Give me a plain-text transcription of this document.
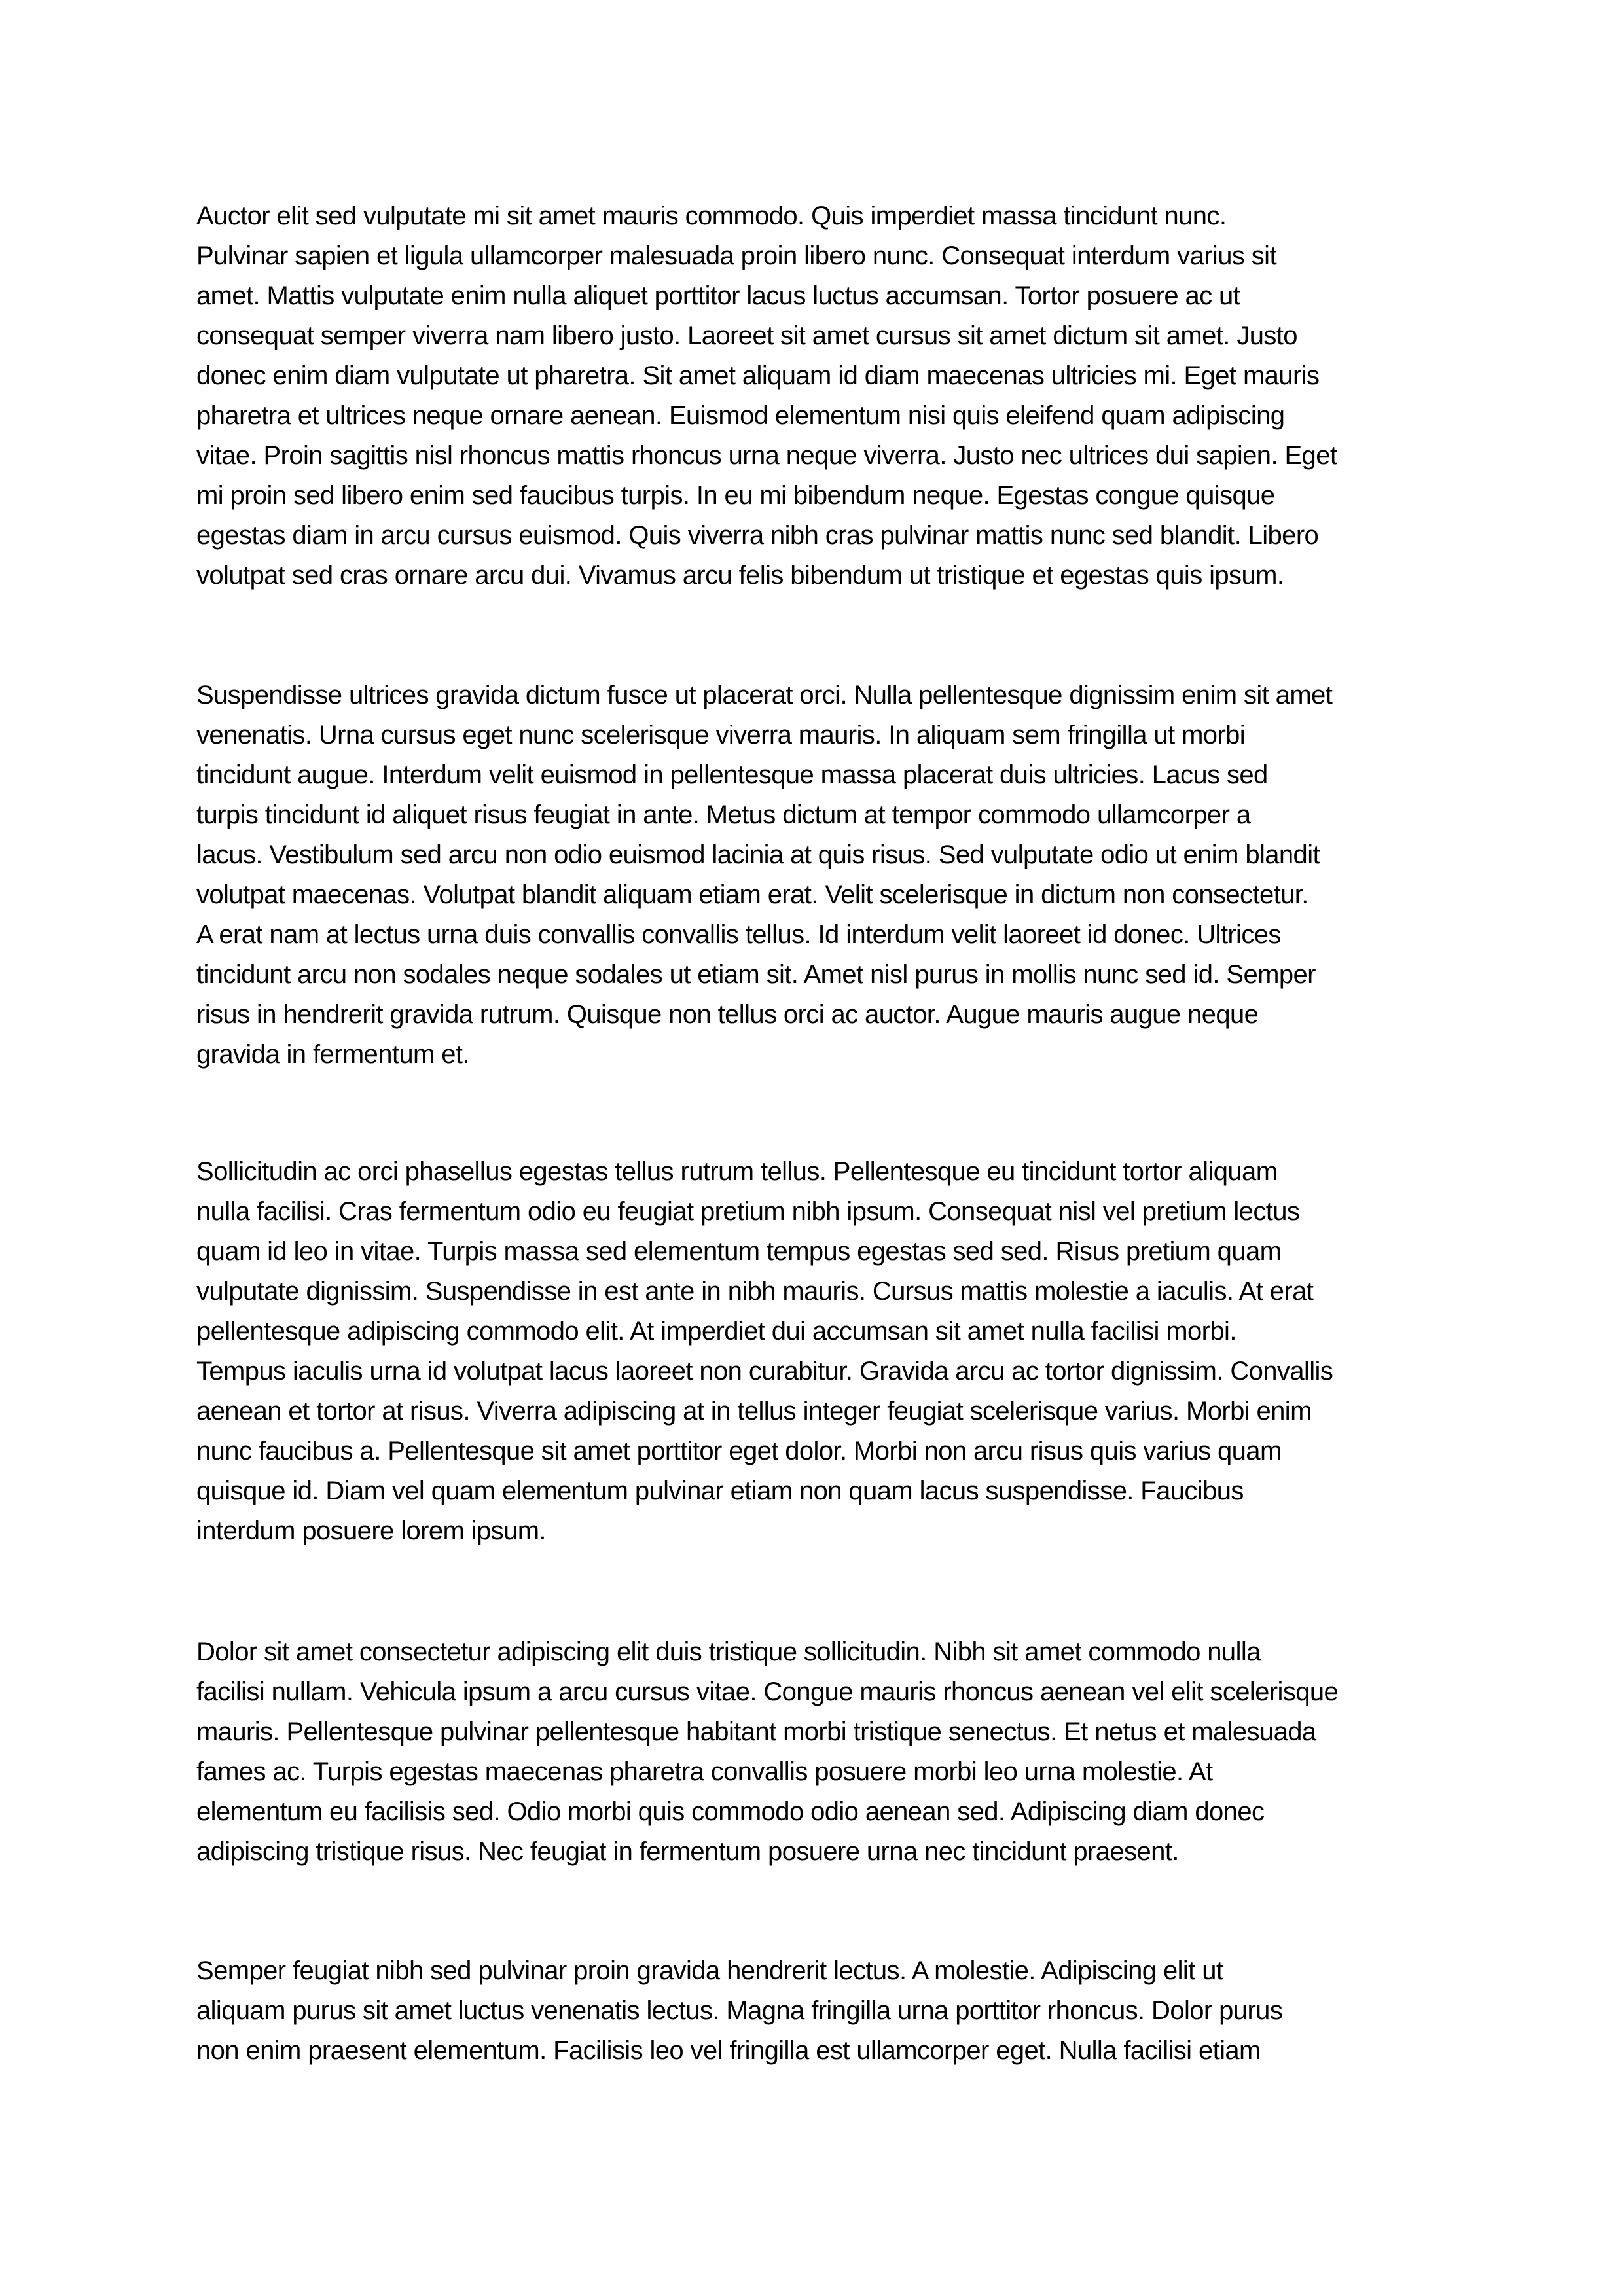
Auctor elit sed vulputate mi sit amet mauris commodo. Quis imperdiet massa tincidunt nunc.
Pulvinar sapien et ligula ullamcorper malesuada proin libero nunc. Consequat interdum varius sit
amet. Mattis vulputate enim nulla aliquet porttitor lacus luctus accumsan. Tortor posuere ac ut
consequat semper viverra nam libero justo. Laoreet sit amet cursus sit amet dictum sit amet. Justo
donec enim diam vulputate ut pharetra. Sit amet aliquam id diam maecenas ultricies mi. Eget mauris
pharetra et ultrices neque ornare aenean. Euismod elementum nisi quis eleifend quam adipiscing
vitae. Proin sagittis nisl rhoncus mattis rhoncus urna neque viverra. Justo nec ultrices dui sapien. Eget
mi proin sed libero enim sed faucibus turpis. In eu mi bibendum neque. Egestas congue quisque
egestas diam in arcu cursus euismod. Quis viverra nibh cras pulvinar mattis nunc sed blandit. Libero
volutpat sed cras ornare arcu dui. Vivamus arcu felis bibendum ut tristique et egestas quis ipsum.

Suspendisse ultrices gravida dictum fusce ut placerat orci. Nulla pellentesque dignissim enim sit amet
venenatis. Urna cursus eget nunc scelerisque viverra mauris. In aliquam sem fringilla ut morbi
tincidunt augue. Interdum velit euismod in pellentesque massa placerat duis ultricies. Lacus sed
turpis tincidunt id aliquet risus feugiat in ante. Metus dictum at tempor commodo ullamcorper a
lacus. Vestibulum sed arcu non odio euismod lacinia at quis risus. Sed vulputate odio ut enim blandit
volutpat maecenas. Volutpat blandit aliquam etiam erat. Velit scelerisque in dictum non consectetur.
A erat nam at lectus urna duis convallis convallis tellus. Id interdum velit laoreet id donec. Ultrices
tincidunt arcu non sodales neque sodales ut etiam sit. Amet nisl purus in mollis nunc sed id. Semper
risus in hendrerit gravida rutrum. Quisque non tellus orci ac auctor. Augue mauris augue neque
gravida in fermentum et.

Sollicitudin ac orci phasellus egestas tellus rutrum tellus. Pellentesque eu tincidunt tortor aliquam
nulla facilisi. Cras fermentum odio eu feugiat pretium nibh ipsum. Consequat nisl vel pretium lectus
quam id leo in vitae. Turpis massa sed elementum tempus egestas sed sed. Risus pretium quam
vulputate dignissim. Suspendisse in est ante in nibh mauris. Cursus mattis molestie a iaculis. At erat
pellentesque adipiscing commodo elit. At imperdiet dui accumsan sit amet nulla facilisi morbi.
Tempus iaculis urna id volutpat lacus laoreet non curabitur. Gravida arcu ac tortor dignissim. Convallis
aenean et tortor at risus. Viverra adipiscing at in tellus integer feugiat scelerisque varius. Morbi enim
nunc faucibus a. Pellentesque sit amet porttitor eget dolor. Morbi non arcu risus quis varius quam
quisque id. Diam vel quam elementum pulvinar etiam non quam lacus suspendisse. Faucibus
interdum posuere lorem ipsum.

Dolor sit amet consectetur adipiscing elit duis tristique sollicitudin. Nibh sit amet commodo nulla
facilisi nullam. Vehicula ipsum a arcu cursus vitae. Congue mauris rhoncus aenean vel elit scelerisque
mauris. Pellentesque pulvinar pellentesque habitant morbi tristique senectus. Et netus et malesuada
fames ac. Turpis egestas maecenas pharetra convallis posuere morbi leo urna molestie. At
elementum eu facilisis sed. Odio morbi quis commodo odio aenean sed. Adipiscing diam donec
adipiscing tristique risus. Nec feugiat in fermentum posuere urna nec tincidunt praesent.

Semper feugiat nibh sed pulvinar proin gravida hendrerit lectus. A molestie. Adipiscing elit ut
aliquam purus sit amet luctus venenatis lectus. Magna fringilla urna porttitor rhoncus. Dolor purus
non enim praesent elementum. Facilisis leo vel fringilla est ullamcorper eget. Nulla facilisi etiam
